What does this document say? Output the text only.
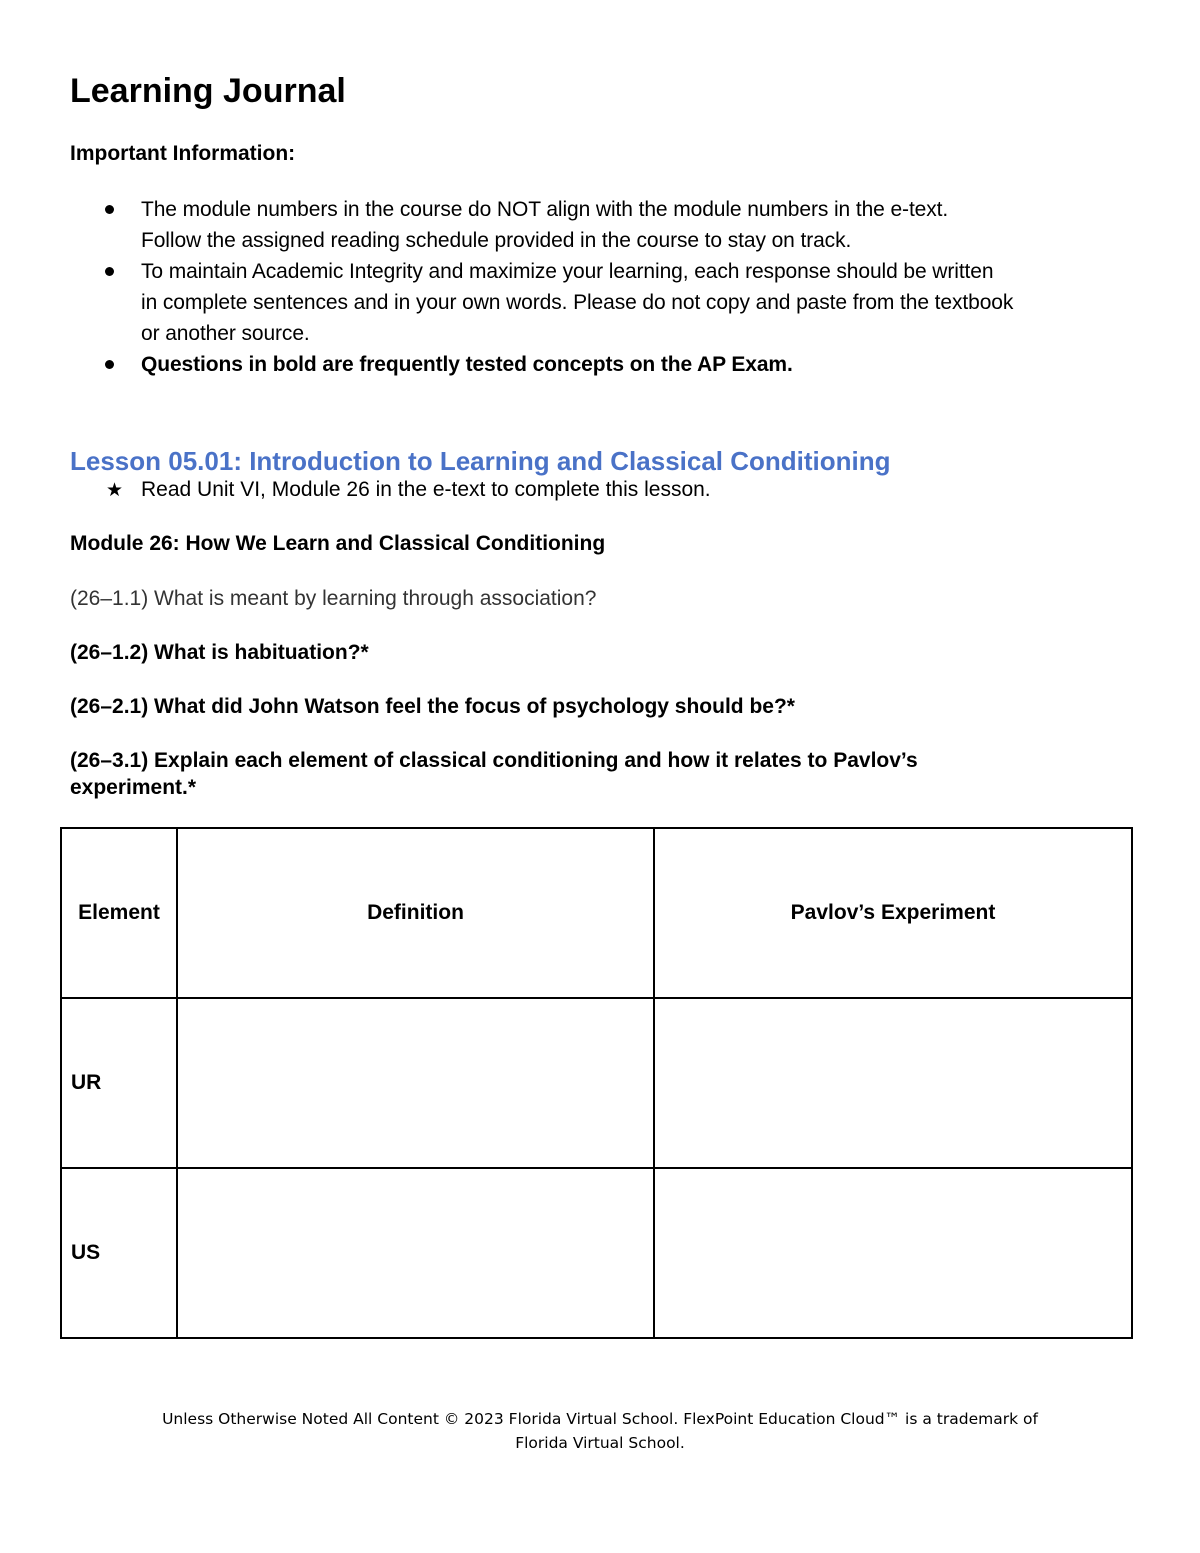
Learning Journal

Important Information:

The module numbers in the course do NOT align with the module numbers in the e-text.
Follow the assigned reading schedule provided in the course to stay on track.
To maintain Academic Integrity and maximize your learning, each response should be written
in complete sentences and in your own words. Please do not copy and paste from the textbook
or another source.
Questions in bold are frequently tested concepts on the AP Exam.
Lesson 05.01: Introduction to Learning and Classical Conditioning

★ Read Unit VI, Module 26 in the e-text to complete this lesson.

Module 26: How We Learn and Classical Conditioning

(26–1.1) What is meant by learning through association?

(26–1.2) What is habituation?*

(26–2.1) What did John Watson feel the focus of psychology should be?*

(26–3.1) Explain each element of classical conditioning and how it relates to Pavlov’s
experiment.*

Element	Definition	Pavlov’s Experiment
UR		
US		
Unless Otherwise Noted All Content © 2023 Florida Virtual School. FlexPoint Education Cloud™ is a trademark of
Florida Virtual School.
